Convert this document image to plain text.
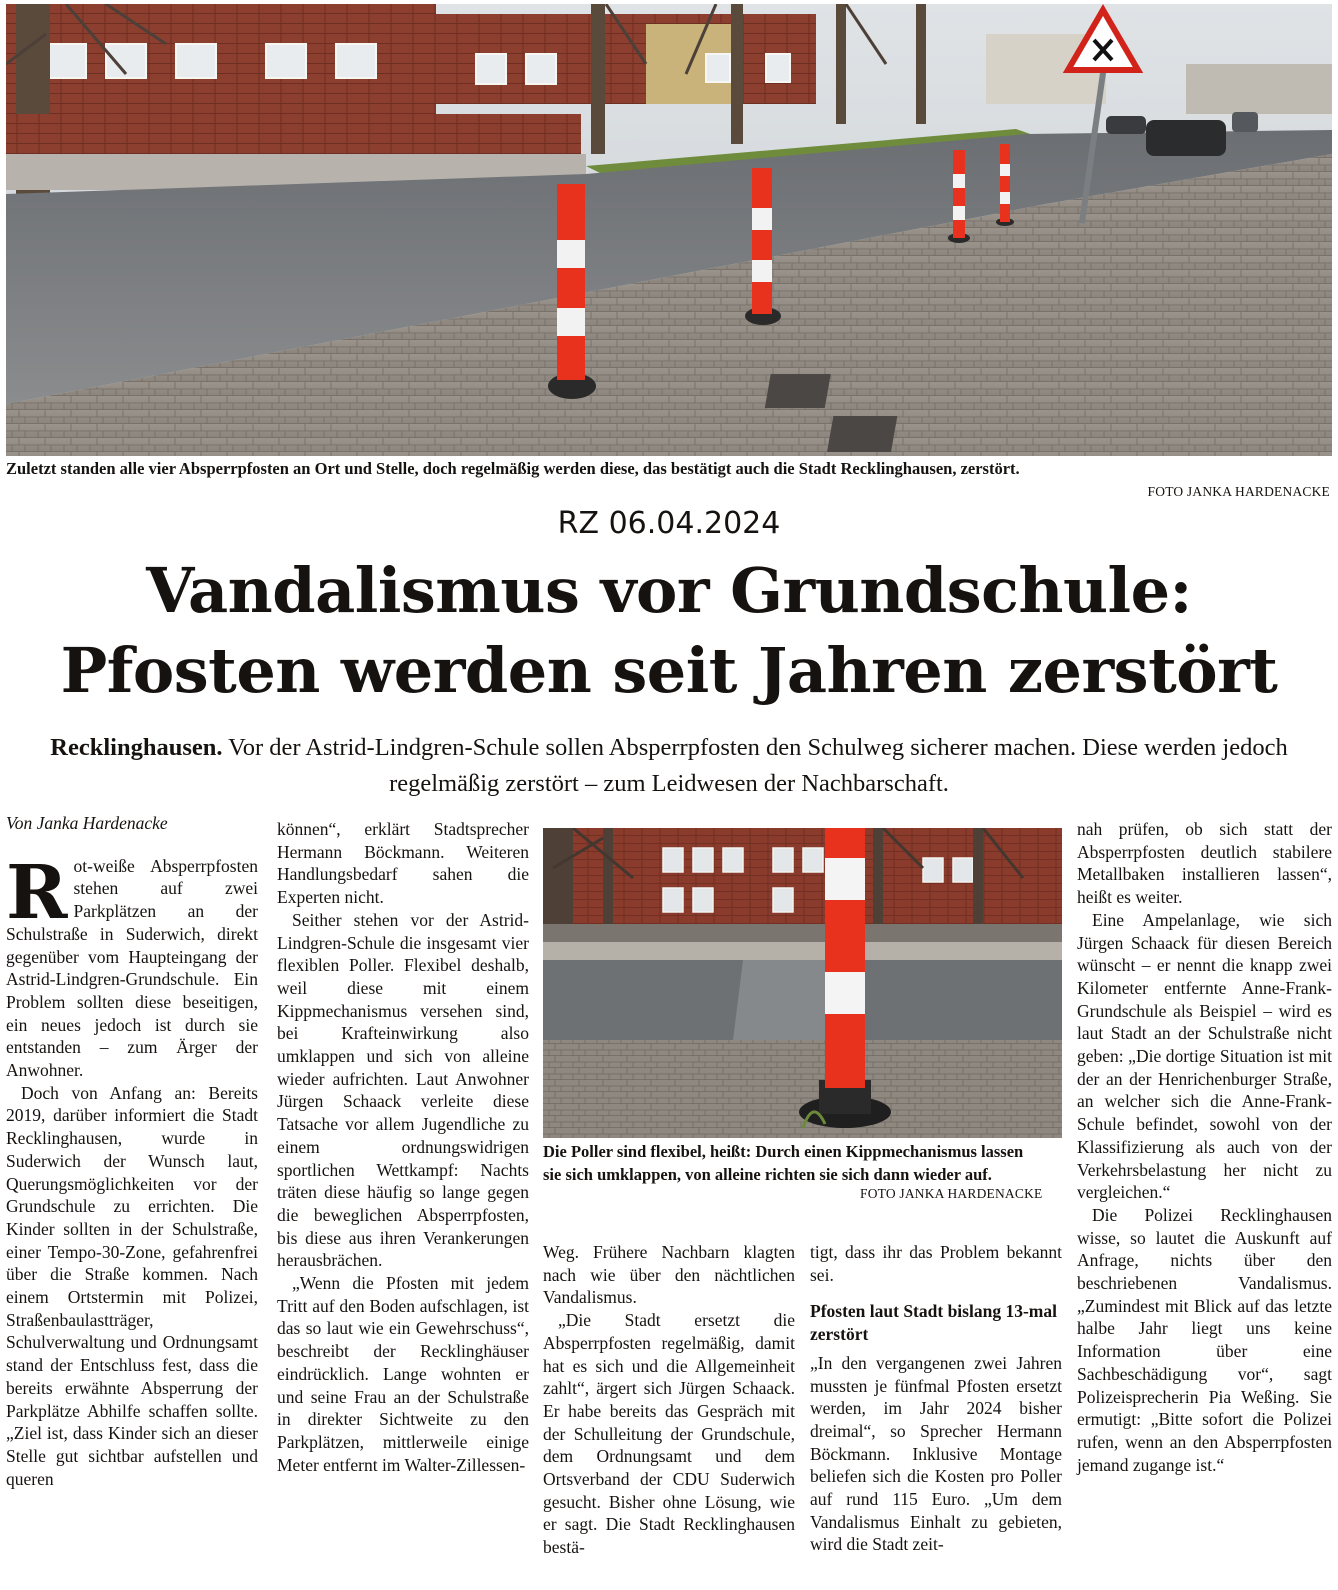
Zuletzt standen alle vier Absperrpfosten an Ort und Stelle, doch regelmäßig werden diese, das bestätigt auch die Stadt Recklinghausen, zerstört.
FOTO JANKA HARDENACKE
RZ 06.04.2024
Vandalismus vor Grundschule:
Pfosten werden seit Jahren zerstört
Recklinghausen. Vor der Astrid-Lindgren-Schule sollen Absperrpfosten den Schulweg sicherer machen. Diese werden jedoch regelmäßig zerstört – zum Leidwesen der Nachbarschaft.

Von Janka Hardenacke

Rot-weiße Absperrpfosten stehen auf zwei Parkplätzen an der Schulstraße in Suderwich, direkt gegenüber vom Haupteingang der Astrid-Lindgren-Grundschule. Ein Problem sollten diese beseitigen, ein neues jedoch ist durch sie entstanden – zum Ärger der Anwohner.

Doch von Anfang an: Bereits 2019, darüber informiert die Stadt Recklinghausen, wurde in Suderwich der Wunsch laut, Querungsmöglichkeiten vor der Grundschule zu errichten. Die Kinder sollten in der Schulstraße, einer Tempo-30-Zone, gefahrenfrei über die Straße kommen. Nach einem Ortstermin mit Polizei, Straßenbaulastträger, Schulverwaltung und Ordnungsamt stand der Entschluss fest, dass die bereits erwähnte Absperrung der Parkplätze Abhilfe schaffen sollte. „Ziel ist, dass Kinder sich an dieser Stelle gut sichtbar aufstellen und queren

können“, erklärt Stadtsprecher Hermann Böckmann. Weiteren Handlungsbedarf sahen die Experten nicht.

Seither stehen vor der Astrid-Lindgren-Schule die insgesamt vier flexiblen Poller. Flexibel deshalb, weil diese mit einem Kippmechanismus versehen sind, bei Krafteinwirkung also umklappen und sich von alleine wieder aufrichten. Laut Anwohner Jürgen Schaack verleite diese Tatsache vor allem Jugendliche zu einem ordnungswidrigen sportlichen Wettkampf: Nachts träten diese häufig so lange gegen die beweglichen Absperrpfosten, bis diese aus ihren Verankerungen herausbrächen.

„Wenn die Pfosten mit jedem Tritt auf den Boden aufschlagen, ist das so laut wie ein Gewehrschuss“, beschreibt der Recklinghäuser eindrücklich. Lange wohnten er und seine Frau an der Schulstraße in direkter Sichtweite zu den Parkplätzen, mittlerweile einige Meter entfernt im Walter-Zillessen-

Die Poller sind flexibel, heißt: Durch einen Kippmechanismus lassen sie sich umklappen, von alleine richten sie sich dann wieder auf.
FOTO JANKA HARDENACKE

Weg. Frühere Nachbarn klagten nach wie über den nächtlichen Vandalismus.

„Die Stadt ersetzt die Absperrpfosten regelmäßig, damit hat es sich und die Allgemeinheit zahlt“, ärgert sich Jürgen Schaack. Er habe bereits das Gespräch mit der Schulleitung der Grundschule, dem Ordnungsamt und dem Ortsverband der CDU Suderwich gesucht. Bisher ohne Lösung, wie er sagt. Die Stadt Recklinghausen bestä-

tigt, dass ihr das Problem bekannt sei.

Pfosten laut Stadt bislang 13-mal zerstört

„In den vergangenen zwei Jahren mussten je fünfmal Pfosten ersetzt werden, im Jahr 2024 bisher dreimal“, so Sprecher Hermann Böckmann. Inklusive Montage beliefen sich die Kosten pro Poller auf rund 115 Euro. „Um dem Vandalismus Einhalt zu gebieten, wird die Stadt zeit-

nah prüfen, ob sich statt der Absperrpfosten deutlich stabilere Metallbaken installieren lassen“, heißt es weiter.

Eine Ampelanlage, wie sich Jürgen Schaack für diesen Bereich wünscht – er nennt die knapp zwei Kilometer entfernte Anne-Frank-Grundschule als Beispiel – wird es laut Stadt an der Schulstraße nicht geben: „Die dortige Situation ist mit der an der Henrichenburger Straße, an welcher sich die Anne-Frank-Schule befindet, sowohl von der Klassifizierung als auch von der Verkehrsbelastung her nicht zu vergleichen.“

Die Polizei Recklinghausen wisse, so lautet die Auskunft auf Anfrage, nichts über den beschriebenen Vandalismus. „Zumindest mit Blick auf das letzte halbe Jahr liegt uns keine Information über eine Sachbeschädigung vor“, sagt Polizeisprecherin Pia Weßing. Sie ermutigt: „Bitte sofort die Polizei rufen, wenn an den Absperrpfosten jemand zugange ist.“
